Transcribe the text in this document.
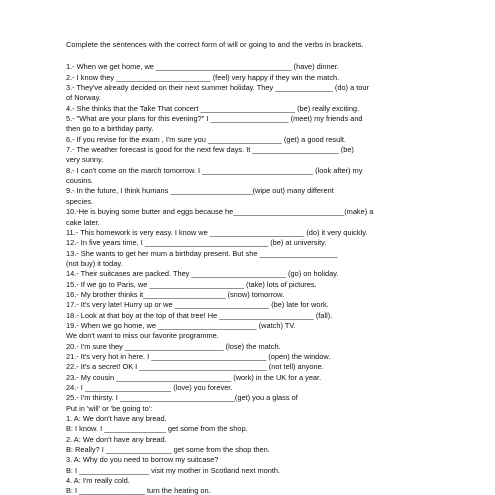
Complete the sentences with the correct form of will or going to and the verbs in brackets.

1.- When we get home, we _________________________________ (have) dinner.

2.- I know they _______________________ (feel) very happy if they win the match.

3.- They've already decided on their next summer holiday. They ______________ (do) a tour

of Norway.

4.- She thinks that the Take That concert _______________________ (be) really exciting.

5.- "What are your plans for this evening?" I ___________________ (meet) my friends and

then go to a birthday party.

6.- If you revise for the exam , I'm sure you __________________ (get) a good result.

7.- The weather forecast is good for the next few days. It _____________________ (be)

very sunny.

8.- I can't come on the march tomorrow. I ___________________________ (look after) my

cousins.

9.- In the future, I think humans ____________________(wipe out) many different

species.

10.-He is buying some butter and eggs because he___________________________(make) a

cake later.

11.- This homework is very easy. I know we _______________________ (do) it very quickly.

12.- In five years time, I ______________________________ (be) at university.

13.- She wants to get her mum a birthday present. But she ___________________

(not buy) it today.

14.- Their suitcases are packed. They _______________________ (go) on holiday.

15.- If we go to Paris, we _______________________ (take) lots of pictures.

16.- My brother thinks it____________________ (snow) tomorrow.

17.- It's very late! Hurry up or we _______________________ (be) late for work.

18.- Look at that boy at the top of that tree! He _______________________ (fall).

19.- When we go home, we ________________________ (watch) TV.

We don't want to miss our favorite programme.

20.- I'm sure they ________________________ (lose) the match.

21.- It's very hot in here. I ____________________________ (open) the window.

22.- It's a secret! OK I _______________________________ (not tell) anyone.

23.- My cousin ____________________________ (work) in the UK for a year.

24.- I _____________________ (love) you forever.

25.- I'm thirsty. I ____________________________(get) you a glass of

Put in 'will' or 'be going to':

1. A: We don't have any bread.

B: I know. I _______________ get some from the shop.

2. A: We don't have any bread.

B: Really? I ________________ get some from the shop then.

3. A: Why do you need to borrow my suitcase?

B: I _________________ visit my mother in Scotland next month.

4. A: I'm really cold.

B: I ________________ turn the heating on.
